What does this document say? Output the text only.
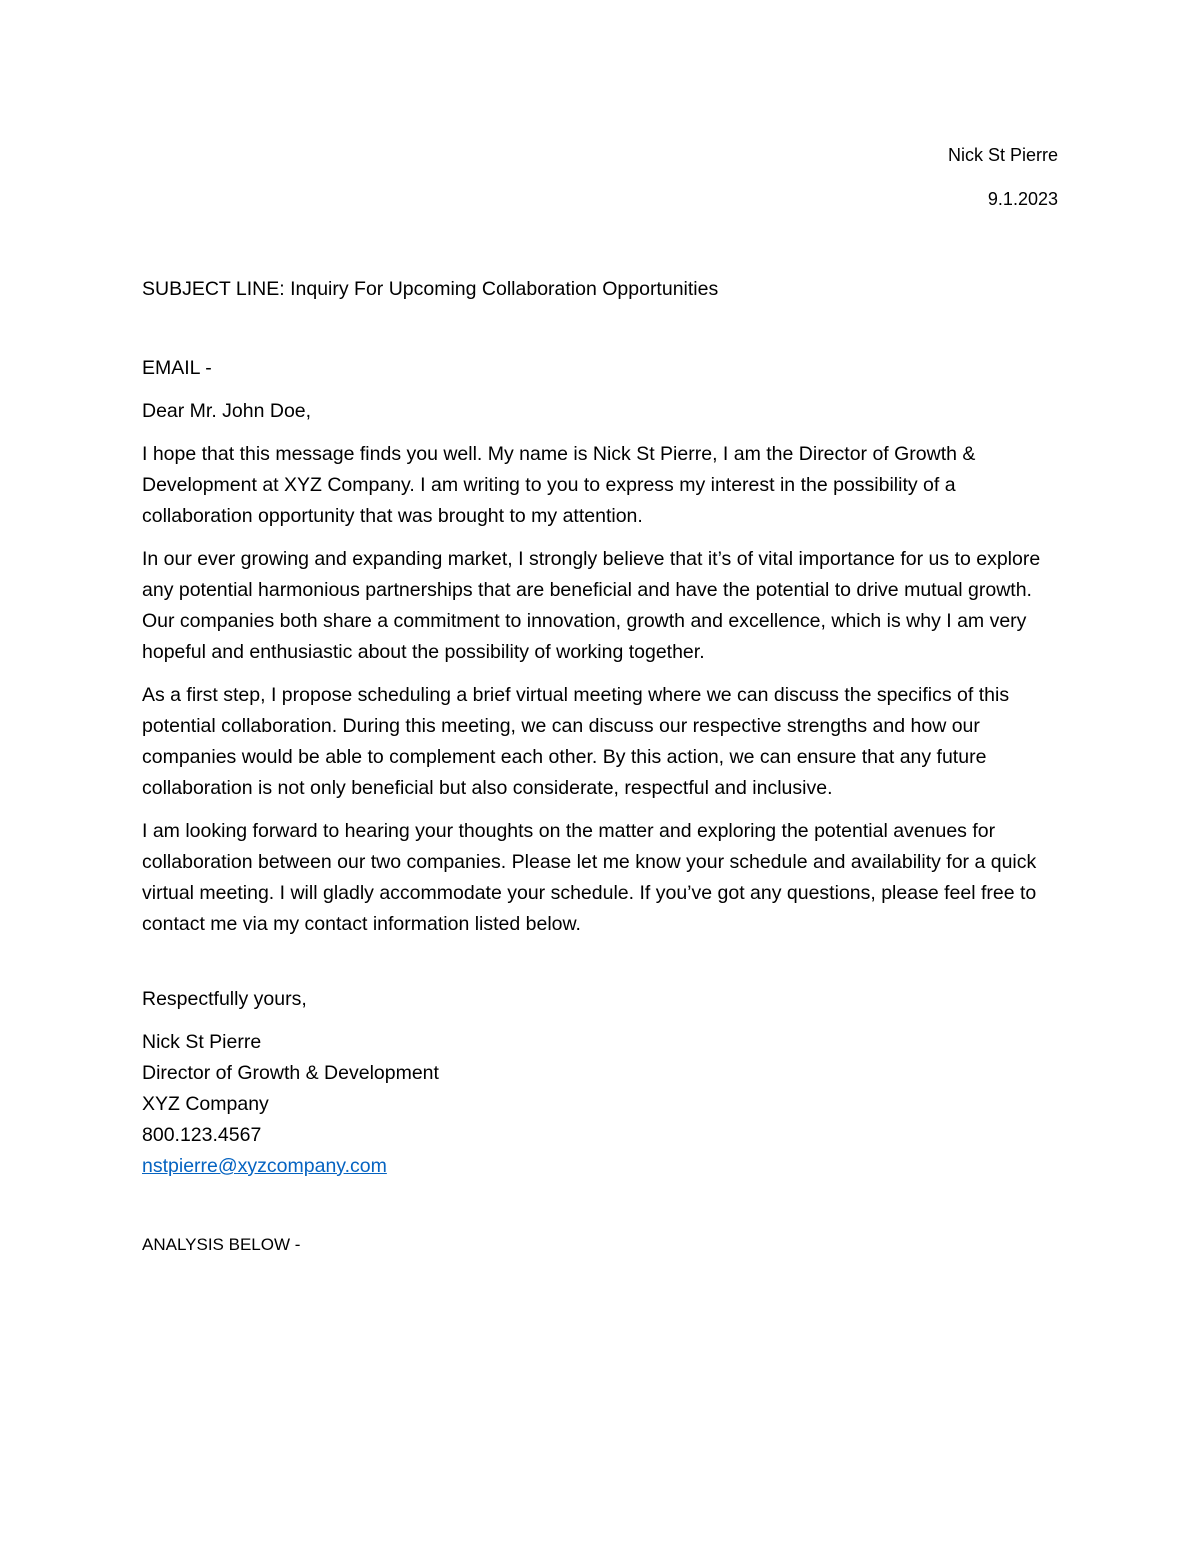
Nick St Pierre
9.1.2023
SUBJECT LINE: Inquiry For Upcoming Collaboration Opportunities
EMAIL -
Dear Mr. John Doe,

I hope that this message finds you well. My name is Nick St Pierre, I am the Director of Growth & Development at XYZ Company. I am writing to you to express my interest in the possibility of a collaboration opportunity that was brought to my attention.

In our ever growing and expanding market, I strongly believe that it’s of vital importance for us to explore any potential harmonious partnerships that are beneficial and have the potential to drive mutual growth. Our companies both share a commitment to innovation, growth and excellence, which is why I am very hopeful and enthusiastic about the possibility of working together.

As a first step, I propose scheduling a brief virtual meeting where we can discuss the specifics of this potential collaboration. During this meeting, we can discuss our respective strengths and how our companies would be able to complement each other. By this action, we can ensure that any future collaboration is not only beneficial but also considerate, respectful and inclusive.

I am looking forward to hearing your thoughts on the matter and exploring the potential avenues for collaboration between our two companies. Please let me know your schedule and availability for a quick virtual meeting. I will gladly accommodate your schedule. If you’ve got any questions, please feel free to contact me via my contact information listed below.

Respectfully yours,
Nick St Pierre
Director of Growth & Development
XYZ Company
800.123.4567
nstpierre@xyzcompany.com
ANALYSIS BELOW -
